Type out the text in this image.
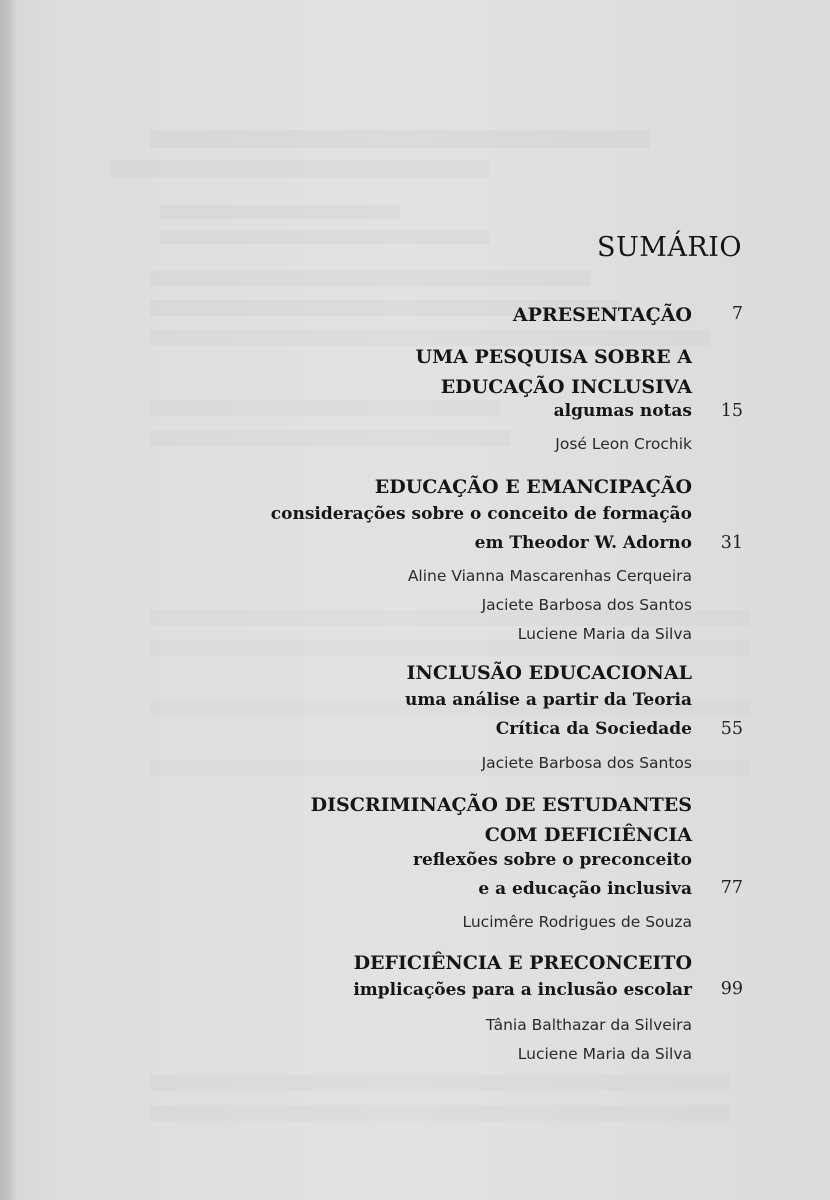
SUMÁRIO
APRESENTAÇÃO 7
UMA PESQUISA SOBRE A
EDUCAÇÃO INCLUSIVA
algumas notas 15
José Leon Crochik
EDUCAÇÃO E EMANCIPAÇÃO
considerações sobre o conceito de formação
em Theodor W. Adorno 31
Aline Vianna Mascarenhas Cerqueira
Jaciete Barbosa dos Santos
Luciene Maria da Silva
INCLUSÃO EDUCACIONAL
uma análise a partir da Teoria
Crítica da Sociedade 55
Jaciete Barbosa dos Santos
DISCRIMINAÇÃO DE ESTUDANTES
COM DEFICIÊNCIA
reflexões sobre o preconceito
e a educação inclusiva 77
Lucimêre Rodrigues de Souza
DEFICIÊNCIA E PRECONCEITO
implicações para a inclusão escolar 99
Tânia Balthazar da Silveira
Luciene Maria da Silva
